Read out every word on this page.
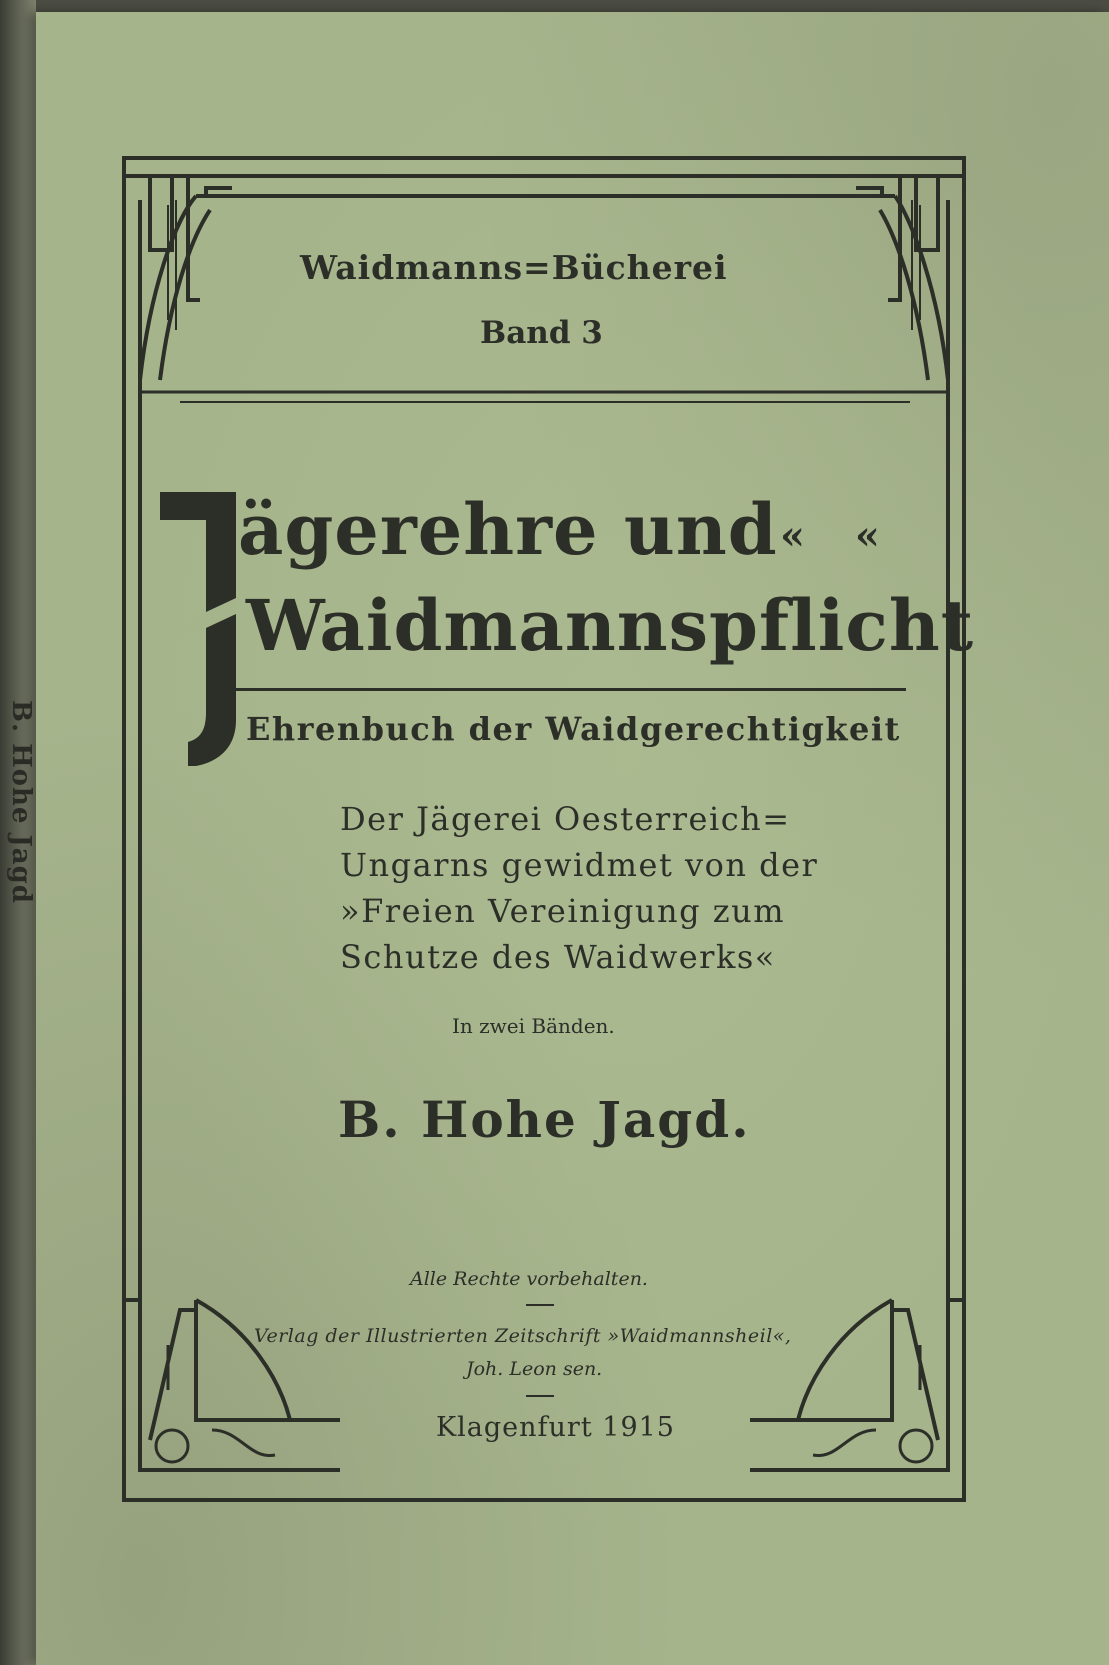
B. Hohe Jagd
Waidmanns=Bücherei
Band 3
ägerehre und « «
Waidmannspflicht
Ehrenbuch der Waidgerechtigkeit
Der Jägerei Oesterreich=
Ungarns gewidmet von der
»Freien Vereinigung zum
Schutze des Waidwerks«
In zwei Bänden.
B. Hohe Jagd.
Alle Rechte vorbehalten.
Verlag der Illustrierten Zeitschrift »Waidmannsheil«,
Joh. Leon sen.
Klagenfurt 1915
